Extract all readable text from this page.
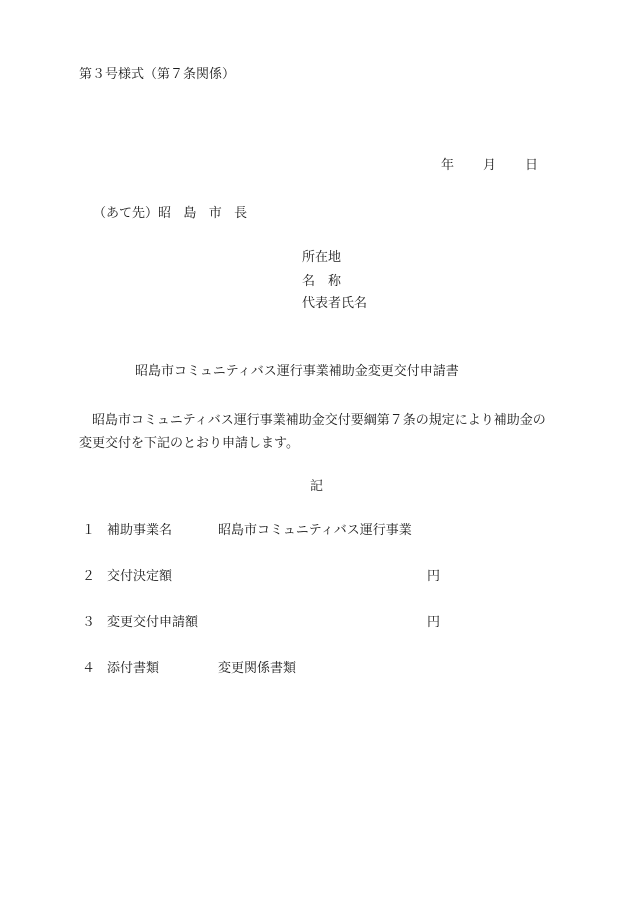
第３号様式（第７条関係）
年 月 日
（あて先）昭島市長
所在地
名　称
代表者氏名
昭島市コミュニティバス運行事業補助金変更交付申請書
昭島市コミュニティバス運行事業補助金交付要綱第７条の規定により補助金の変更交付を下記のとおり申請します。
記
１ 補助事業名	昭島市コミュニティバス運行事業
２ 交付決定額	円
３ 変更交付申請額	円
４ 添付書類	変更関係書類
